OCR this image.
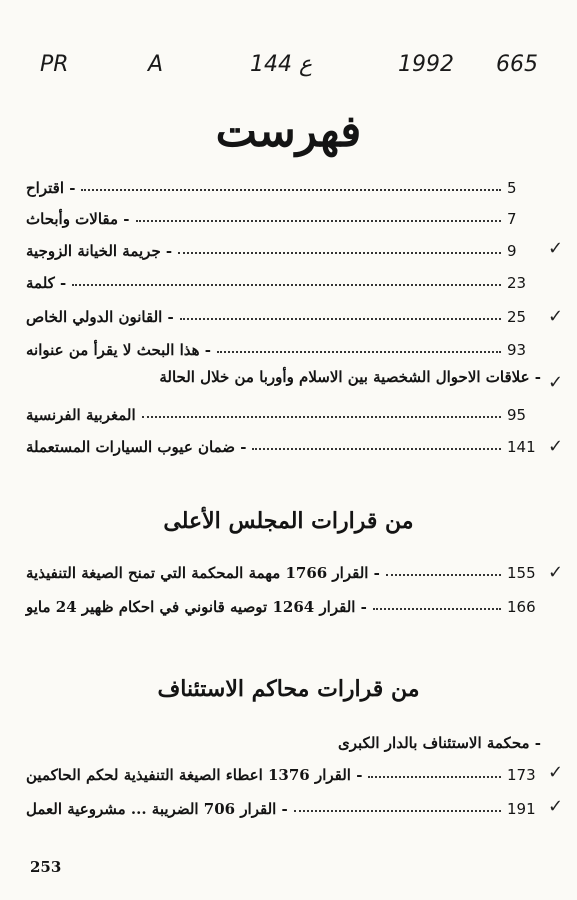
PR	A	144 ع	1992 665
فهرست
- اقتراح	5
- مقالات وأبحاث	7
- جريمة الخيانة الزوجية	9	✓
- كلمة	23
- القانون الدولي الخاص	25	✓
- هذا البحث لا يقرأ من عنوانه	93
- علاقات الاحوال الشخصية بين الاسلام وأوربا من خلال الحالة ✓
المغربية الفرنسية	95
- ضمان عيوب السيارات المستعملة	141 ✓
من قرارات المجلس الأعلى
- القرار 1766 مهمة المحكمة التي تمنح الصيغة التنفيذية	155 ✓
- القرار 1264 توصيه قانوني في احكام ظهير 24 مايو	166
من قرارات محاكم الاستئناف
- محكمة الاستئناف بالدار الكبرى
- القرار 1376 اعطاء الصيغة التنفيذية لحكم الحاكمين	173 ✓
- القرار 706 الضريبة ... مشروعية العمل	191 ✓
253
